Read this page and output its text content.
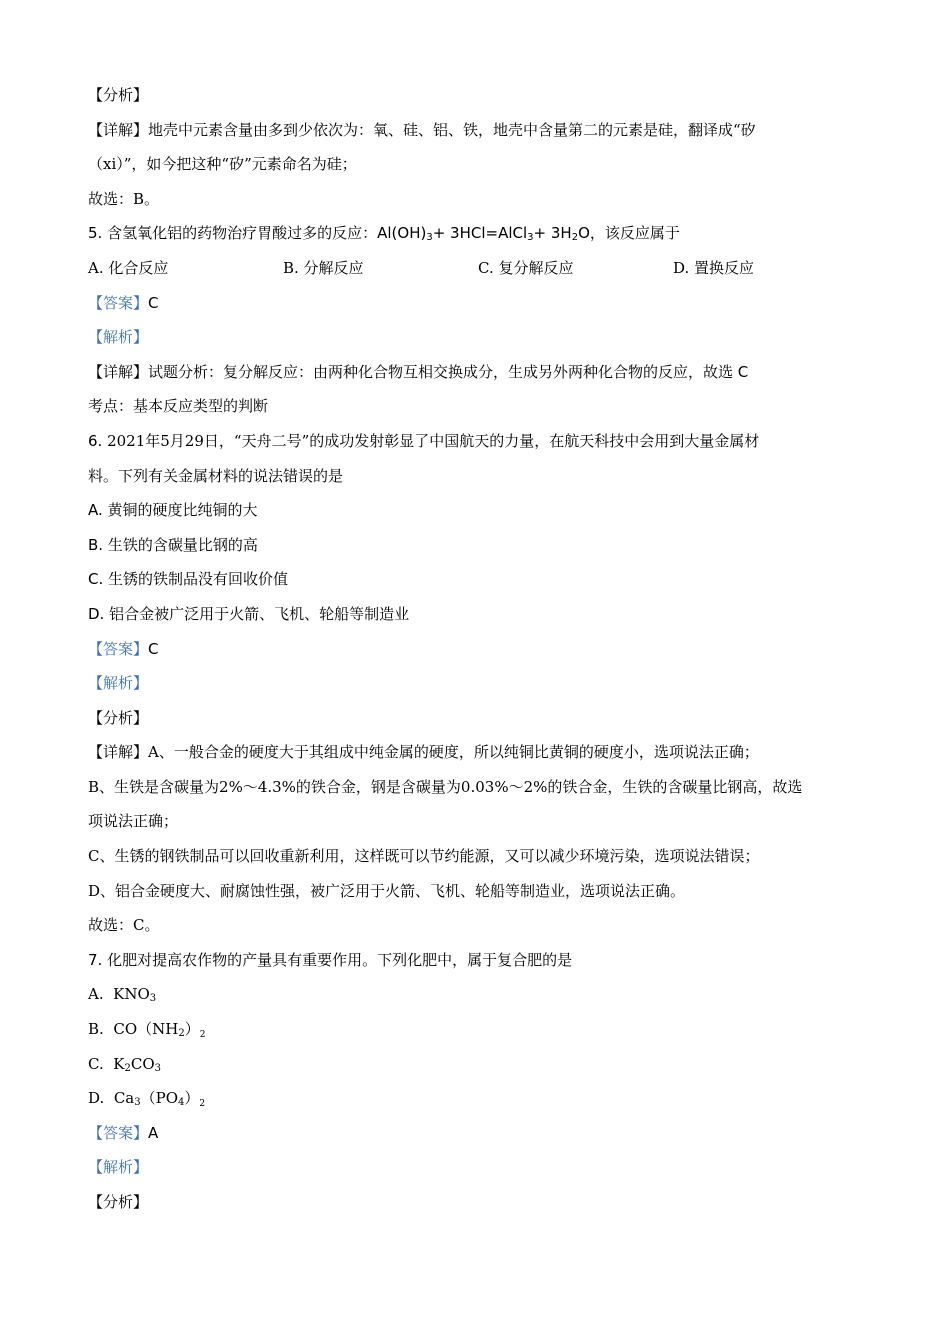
【分析】
【详解】地壳中元素含量由多到少依次为：氧、硅、铝、铁，地壳中含量第二的元素是硅，翻译成“矽
（xi）”，如今把这种“矽”元素命名为硅；
故选：B。
5. 含氢氧化铝的药物治疗胃酸过多的反应：$Al(OH)_3+$ 3HCl=AlCl$_3$+ $3H_2O$，该反应属于
A. 化合反应	B. 分解反应	C. 复分解反应	D. 置换反应
【答案】C
【解析】
【详解】试题分析：复分解反应：由两种化合物互相交换成分，生成另外两种化合物的反应，故选 C
考点：基本反应类型的判断
6. 2021年5月29日，“天舟二号”的成功发射彰显了中国航天的力量，在航天科技中会用到大量金属材
料。下列有关金属材料的说法错误的是
A. 黄铜的硬度比纯铜的大
B. 生铁的含碳量比钢的高
C. 生锈的铁制品没有回收价值
D. 铝合金被广泛用于火箭、飞机、轮船等制造业
【答案】C
【解析】
【分析】
【详解】A、一般合金的硬度大于其组成中纯金属的硬度，所以纯铜比黄铜的硬度小，选项说法正确；
B、生铁是含碳量为2%～4.3%的铁合金，钢是含碳量为0.03%～2%的铁合金，生铁的含碳量比钢高，故选
项说法正确；
C、生锈的钢铁制品可以回收重新利用，这样既可以节约能源，又可以减少环境污染，选项说法错误；
D、铝合金硬度大、耐腐蚀性强，被广泛用于火箭、飞机、轮船等制造业，选项说法正确。
故选：C。
7. 化肥对提高农作物的产量具有重要作用。下列化肥中，属于复合肥的是
A. $KNO_3$
B. $CO(NH_2)_2$
C. $K_2CO_3$
D. $Ca_3(PO_4)_2$
【答案】A
【解析】
【分析】
